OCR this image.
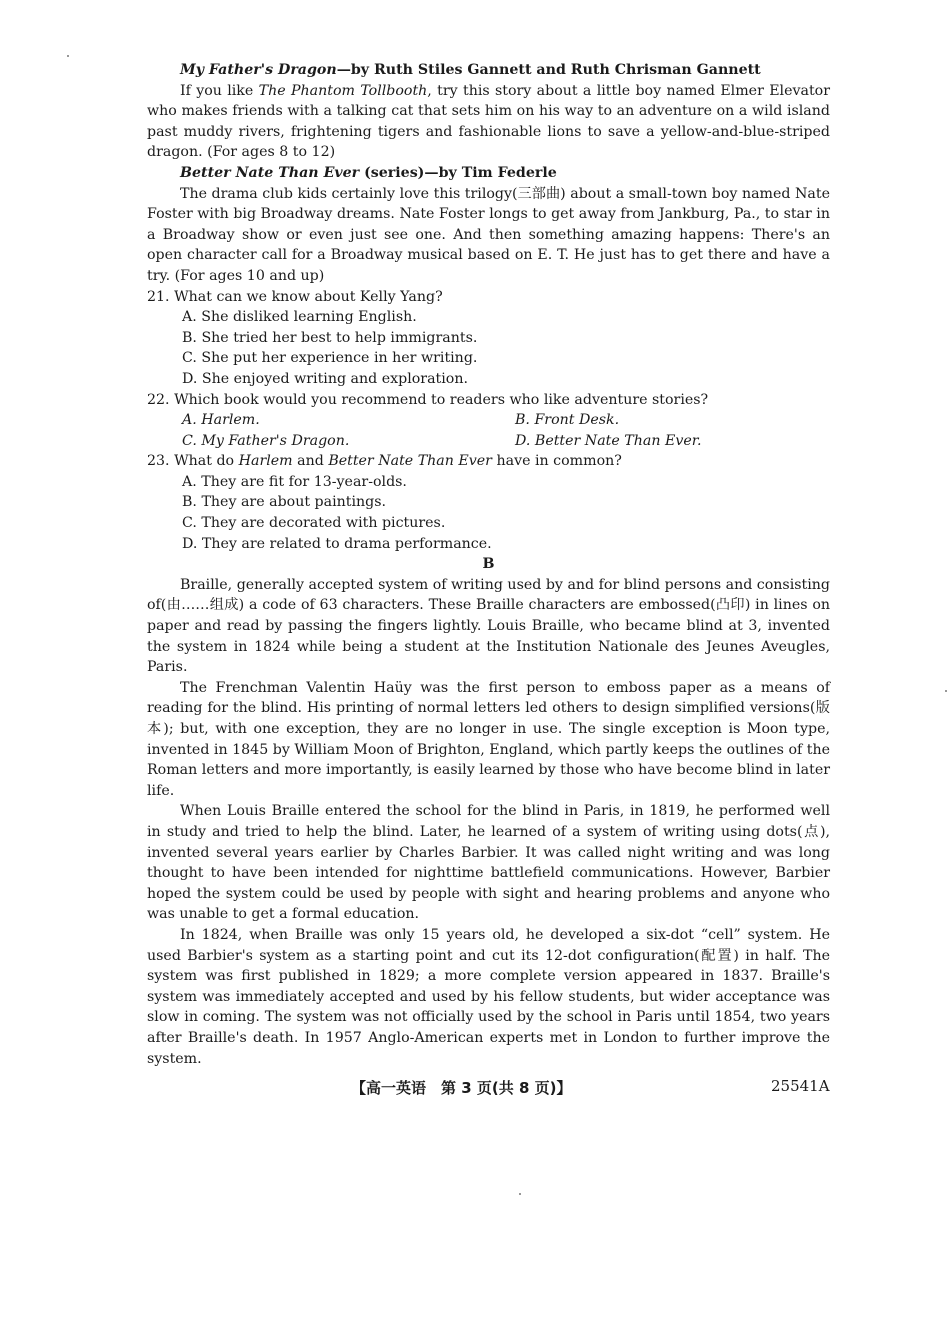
My Father's Dragon—by Ruth Stiles Gannett and Ruth Chrisman Gannett

If you like The Phantom Tollbooth, try this story about a little boy named Elmer Elevator who makes friends with a talking cat that sets him on his way to an adventure on a wild island past muddy rivers, frightening tigers and fashionable lions to save a yellow-and-blue-striped dragon. (For ages 8 to 12)

Better Nate Than Ever (series)—by Tim Federle

The drama club kids certainly love this trilogy(三部曲) about a small-town boy named Nate Foster with big Broadway dreams. Nate Foster longs to get away from Jankburg, Pa., to star in a Broadway show or even just see one. And then something amazing happens: There's an open character call for a Broadway musical based on E. T. He just has to get there and have a try. (For ages 10 and up)

21. What can we know about Kelly Yang?

A. She disliked learning English.

B. She tried her best to help immigrants.

C. She put her experience in her writing.

D. She enjoyed writing and exploration.

22. Which book would you recommend to readers who like adventure stories?

A. Harlem.	B. Front Desk.
C. My Father's Dragon.	D. Better Nate Than Ever.

23. What do Harlem and Better Nate Than Ever have in common?

A. They are fit for 13-year-olds.

B. They are about paintings.

C. They are decorated with pictures.

D. They are related to drama performance.

B

Braille, generally accepted system of writing used by and for blind persons and consisting of(由……组成) a code of 63 characters. These Braille characters are embossed(凸印) in lines on paper and read by passing the fingers lightly. Louis Braille, who became blind at 3, invented the system in 1824 while being a student at the Institution Nationale des Jeunes Aveugles, Paris.

The Frenchman Valentin Haüy was the first person to emboss paper as a means of reading for the blind. His printing of normal letters led others to design simplified versions(版本); but, with one exception, they are no longer in use. The single exception is Moon type, invented in 1845 by William Moon of Brighton, England, which partly keeps the outlines of the Roman letters and more importantly, is easily learned by those who have become blind in later life.

When Louis Braille entered the school for the blind in Paris, in 1819, he performed well in study and tried to help the blind. Later, he learned of a system of writing using dots(点), invented several years earlier by Charles Barbier. It was called night writing and was long thought to have been intended for nighttime battlefield communications. However, Barbier hoped the system could be used by people with sight and hearing problems and anyone who was unable to get a formal education.

In 1824, when Braille was only 15 years old, he developed a six-dot “cell” system. He used Barbier's system as a starting point and cut its 12-dot configuration(配置) in half. The system was first published in 1829; a more complete version appeared in 1837. Braille's system was immediately accepted and used by his fellow students, but wider acceptance was slow in coming. The system was not officially used by the school in Paris until 1854, two years after Braille's death. In 1957 Anglo-American experts met in London to further improve the system.

【高一英语　第 3 页(共 8 页)】	25541A
